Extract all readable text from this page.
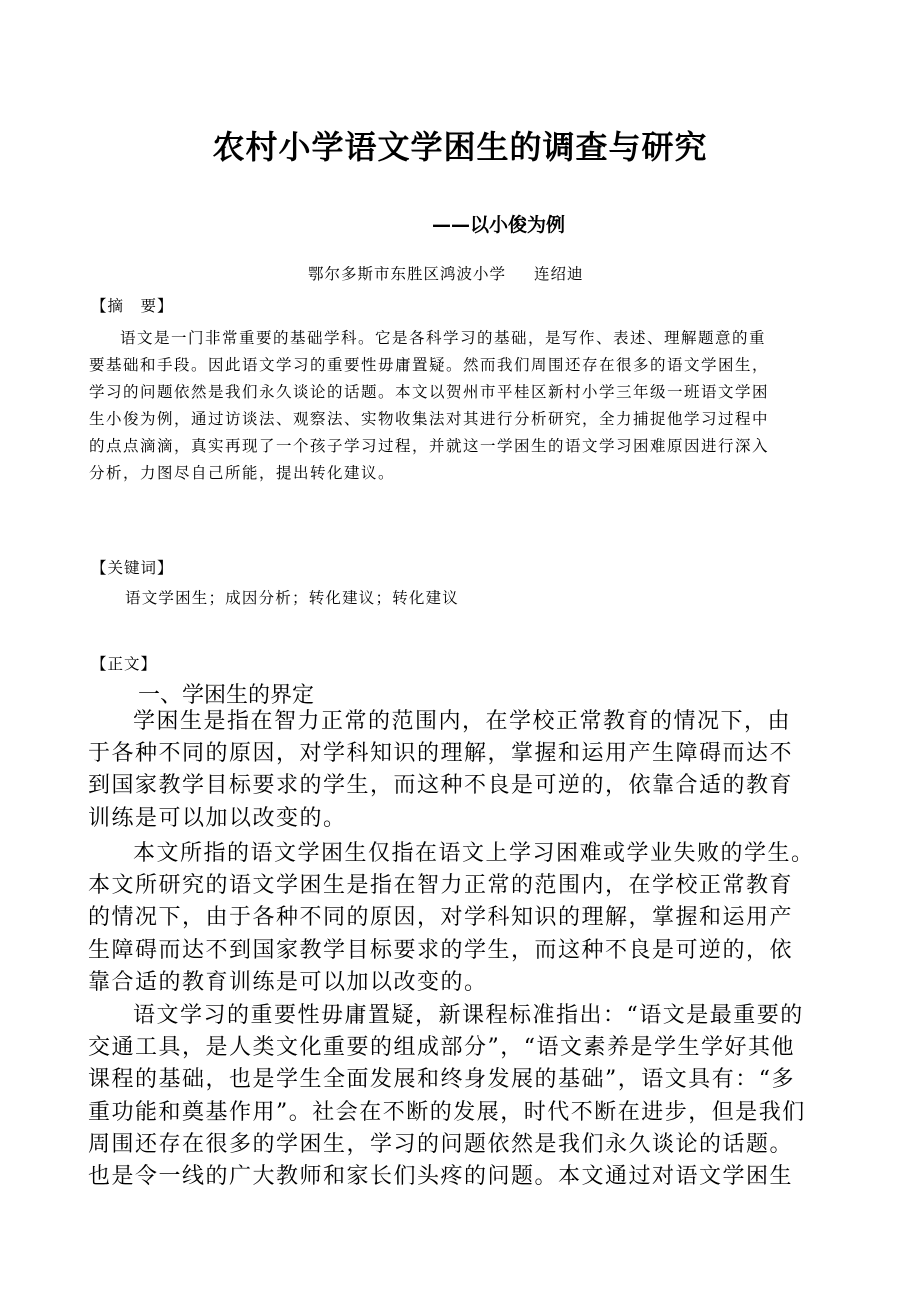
农村小学语文学困生的调查与研究
——以小俊为例
鄂尔多斯市东胜区鸿波小学 连绍迪
【摘　要】
语文是一门非常重要的基础学科。它是各科学习的基础，是写作、表述、理解题意的重
要基础和手段。因此语文学习的重要性毋庸置疑。然而我们周围还存在很多的语文学困生，
学习的问题依然是我们永久谈论的话题。本文以贺州市平桂区新村小学三年级一班语文学困
生小俊为例，通过访谈法、观察法、实物收集法对其进行分析研究，全力捕捉他学习过程中
的点点滴滴，真实再现了一个孩子学习过程，并就这一学困生的语文学习困难原因进行深入
分析，力图尽自己所能，提出转化建议。
【关键词】
语文学困生；成因分析；转化建议；转化建议
【正文】
一、学困生的界定
学困生是指在智力正常的范围内，在学校正常教育的情况下，由
于各种不同的原因，对学科知识的理解，掌握和运用产生障碍而达不
到国家教学目标要求的学生，而这种不良是可逆的，依靠合适的教育
训练是可以加以改变的。
本文所指的语文学困生仅指在语文上学习困难或学业失败的学生。
本文所研究的语文学困生是指在智力正常的范围内，在学校正常教育
的情况下，由于各种不同的原因，对学科知识的理解，掌握和运用产
生障碍而达不到国家教学目标要求的学生，而这种不良是可逆的，依
靠合适的教育训练是可以加以改变的。
语文学习的重要性毋庸置疑，新课程标准指出：“语文是最重要的
交通工具，是人类文化重要的组成部分”，“语文素养是学生学好其他
课程的基础，也是学生全面发展和终身发展的基础”，语文具有：“多
重功能和奠基作用”。社会在不断的发展，时代不断在进步，但是我们
周围还存在很多的学困生，学习的问题依然是我们永久谈论的话题。
也是令一线的广大教师和家长们头疼的问题。本文通过对语文学困生
